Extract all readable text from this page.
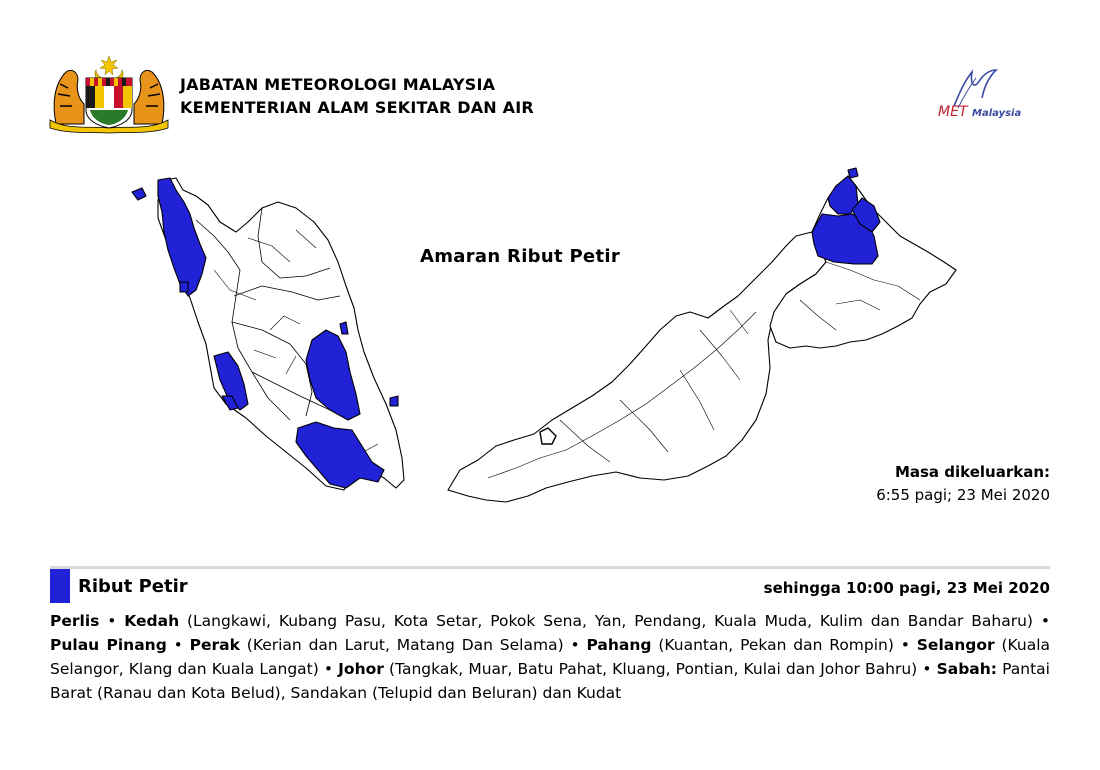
JABATAN METEOROLOGI MALAYSIA
KEMENTERIAN ALAM SEKITAR DAN AIR	MET Malaysia
Amaran Ribut Petir
Masa dikeluarkan:
6:55 pagi; 23 Mei 2020
Ribut Petir	sehingga 10:00 pagi, 23 Mei 2020
Perlis • Kedah (Langkawi, Kubang Pasu, Kota Setar, Pokok Sena, Yan, Pendang, Kuala Muda, Kulim dan Bandar Baharu) • Pulau Pinang • Perak (Kerian dan Larut, Matang Dan Selama) • Pahang (Kuantan, Pekan dan Rompin) • Selangor (Kuala Selangor, Klang dan Kuala Langat) • Johor (Tangkak, Muar, Batu Pahat, Kluang, Pontian, Kulai dan Johor Bahru) • Sabah: Pantai Barat (Ranau dan Kota Belud), Sandakan (Telupid dan Beluran) dan Kudat
